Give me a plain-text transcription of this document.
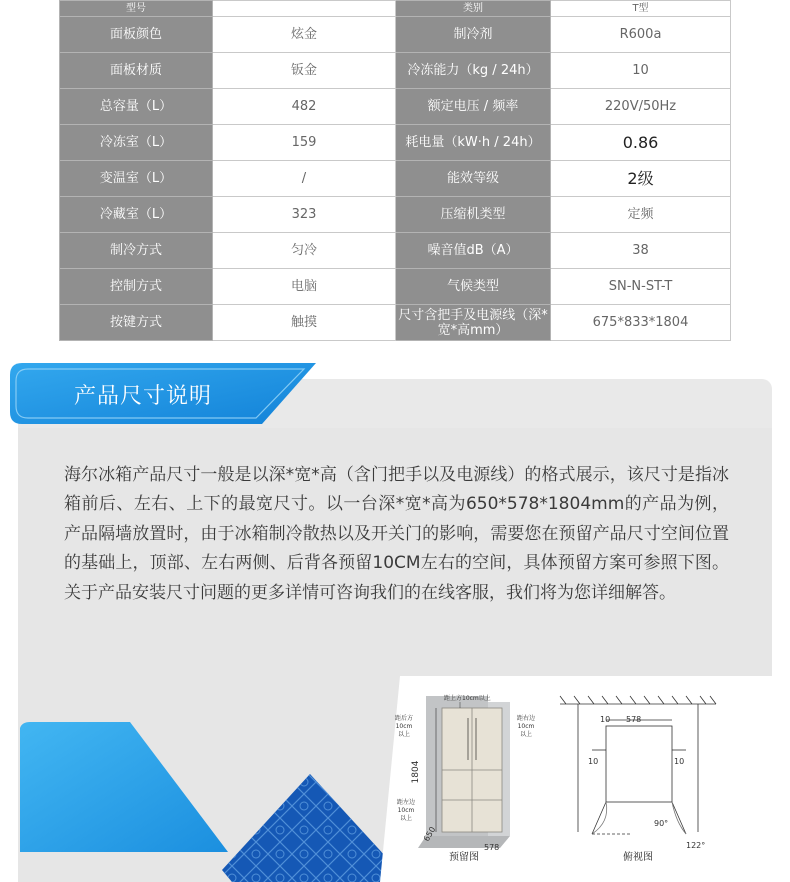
型号		类别	T型
面板颜色	炫金	制冷剂	R600a
面板材质	钣金	冷冻能力（kg / 24h）	10
总容量（L）	482	额定电压 / 频率	220V/50Hz
冷冻室（L）	159	耗电量（kW·h / 24h）	0.86
变温室（L）	/	能效等级	2级
冷藏室（L）	323	压缩机类型	定频
制冷方式	匀冷	噪音值dB（A）	38
控制方式	电脑	气候类型	SN-N-ST-T
按键方式	触摸	尺寸含把手及电源线（深*宽*高mm）	675*833*1804
产品尺寸说明

海尔冰箱产品尺寸一般是以深*宽*高（含门把手以及电源线）的格式展示，该尺寸是指冰箱前后、左右、上下的最宽尺寸。以一台深*宽*高为650*578*1804mm的产品为例，产品隔墙放置时，由于冰箱制冷散热以及开关门的影响，需要您在预留产品尺寸空间位置的基础上，顶部、左右两侧、后背各预留10CM左右的空间，具体预留方案可参照下图。关于产品安装尺寸问题的更多详情可咨询我们的在线客服，我们将为您详细解答。

1804
距上方10cm以上
距后方
10cm
以上
距右边
10cm
以上
距左边
10cm
以上
650
578
预留图
10 578
10	10
90°
122°
俯视图
